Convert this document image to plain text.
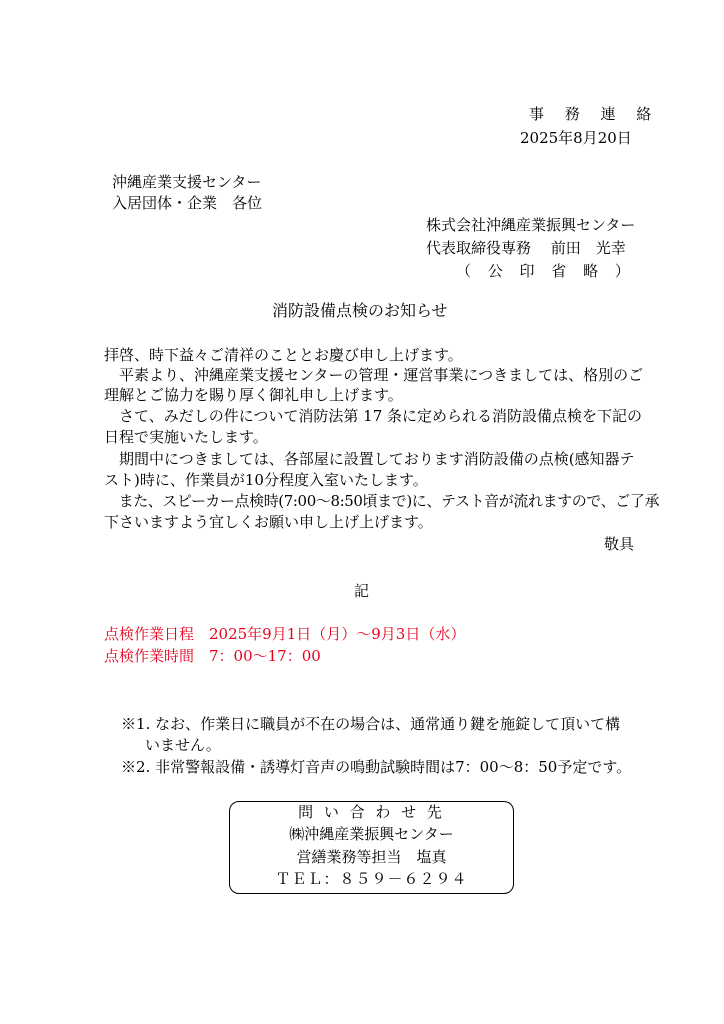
事 務 連 絡
2025年8月20日
沖縄産業支援センター
入居団体・企業　各位
株式会社沖縄産業振興センター
代表取締役専務　 前田　光幸
（ 公 印 省 略 ）
消防設備点検のお知らせ
拝啓、時下益々ご清祥のこととお慶び申し上げます。
　平素より、沖縄産業支援センターの管理・運営事業につきましては、格別のご
理解とご協力を賜り厚く御礼申し上げます。
　さて、みだしの件について消防法第 17 条に定められる消防設備点検を下記の
日程で実施いたします。
　期間中につきましては、各部屋に設置しております消防設備の点検(感知器テ
スト)時に、作業員が10分程度入室いたします。
　また、スピーカー点検時(7:00～8:50頃まで)に、テスト音が流れますので、ご了承
下さいますよう宜しくお願い申し上げ上げます。
敬具
記
点検作業日程　2025年9月1日（月）～9月3日（水）
点検作業時間　7：00～17：00
※1. なお、作業日に職員が不在の場合は、通常通り鍵を施錠して頂いて構
いません。
※2. 非常警報設備・誘導灯音声の鳴動試験時間は7：00～8：50予定です。
問 い 合 わ せ 先
㈱沖縄産業振興センター
営繕業務等担当　塩真
ＴＥＬ：８５９－６２９４
